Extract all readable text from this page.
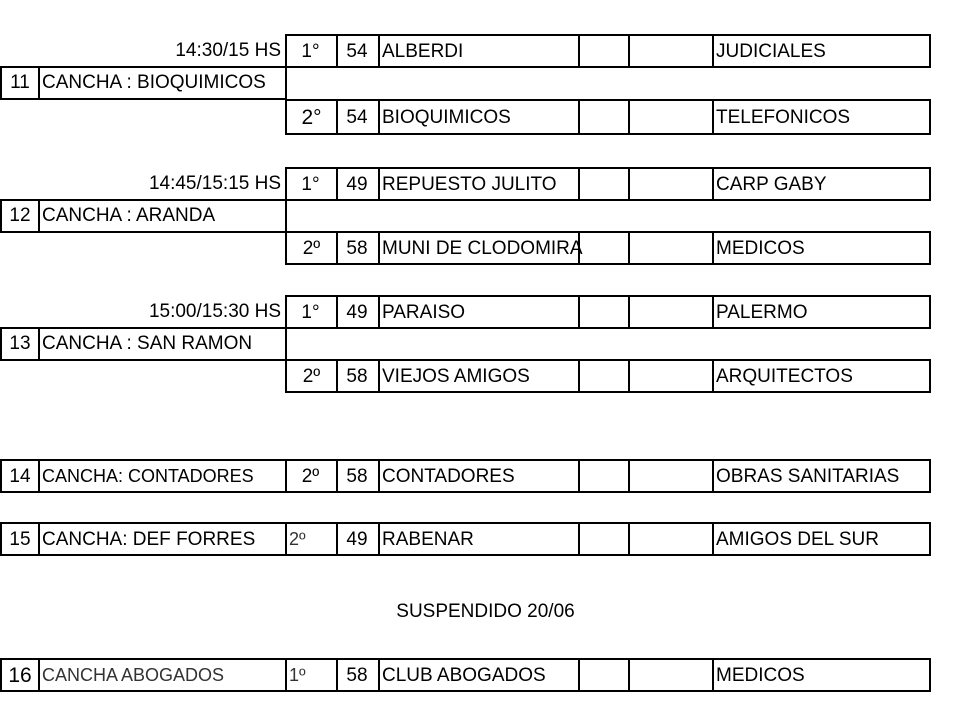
14:30/15 HS	1°	54 ALBERDI	JUDICIALES
11 CANCHA : BIOQUIMICOS
2°	54 BIOQUIMICOS	TELEFONICOS
14:45/15:15 HS	1°	49 REPUESTO JULITO	CARP GABY
12 CANCHA : ARANDA
2º	58 MUNI DE CLODOMIRA	MEDICOS
15:00/15:30 HS	1°	49 PARAISO	PALERMO
13 CANCHA : SAN RAMON
2º	58 VIEJOS AMIGOS	ARQUITECTOS
14 CANCHA: CONTADORES	2º	58 CONTADORES	OBRAS SANITARIAS
15 CANCHA: DEF FORRES	2º	49 RABENAR	AMIGOS DEL SUR
SUSPENDIDO 20/06
16 CANCHA ABOGADOS	1º	58 CLUB ABOGADOS	MEDICOS
